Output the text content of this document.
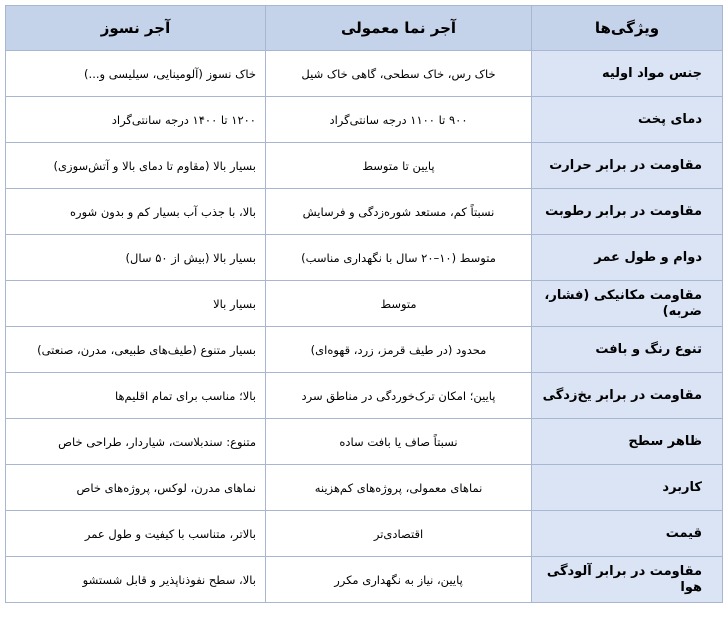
ویژگی‌ها	آجر نما معمولی	آجر نسوز
جنس مواد اولیه	خاک رس، خاک سطحی، گاهی خاک شیل	خاک نسوز (آلومینایی، سیلیسی و...)
دمای پخت	۹۰۰ تا ۱۱۰۰ درجه سانتی‌گراد	۱۲۰۰ تا ۱۴۰۰ درجه سانتی‌گراد
مقاومت در برابر حرارت	پایین تا متوسط	بسیار بالا (مقاوم تا دمای بالا و آتش‌سوزی)
مقاومت در برابر رطوبت	نسبتاً کم، مستعد شوره‌زدگی و فرسایش	بالا، با جذب آب بسیار کم و بدون شوره
دوام و طول عمر	متوسط (۱۰–۲۰ سال با نگهداری مناسب)	بسیار بالا (بیش از ۵۰ سال)
مقاومت مکانیکی (فشار، ضربه)	متوسط	بسیار بالا
تنوع رنگ و بافت	محدود (در طیف قرمز، زرد، قهوه‌ای)	بسیار متنوع (طیف‌های طبیعی، مدرن، صنعتی)
مقاومت در برابر یخ‌زدگی	پایین؛ امکان ترک‌خوردگی در مناطق سرد	بالا؛ مناسب برای تمام اقلیم‌ها
ظاهر سطح	نسبتاً صاف یا بافت ساده	متنوع: سندبلاست، شیاردار، طراحی خاص
کاربرد	نماهای معمولی، پروژه‌های کم‌هزینه	نماهای مدرن، لوکس، پروژه‌های خاص
قیمت	اقتصادی‌تر	بالاتر، متناسب با کیفیت و طول عمر
مقاومت در برابر آلودگی هوا	پایین، نیاز به نگهداری مکرر	بالا، سطح نفوذناپذیر و قابل شستشو
